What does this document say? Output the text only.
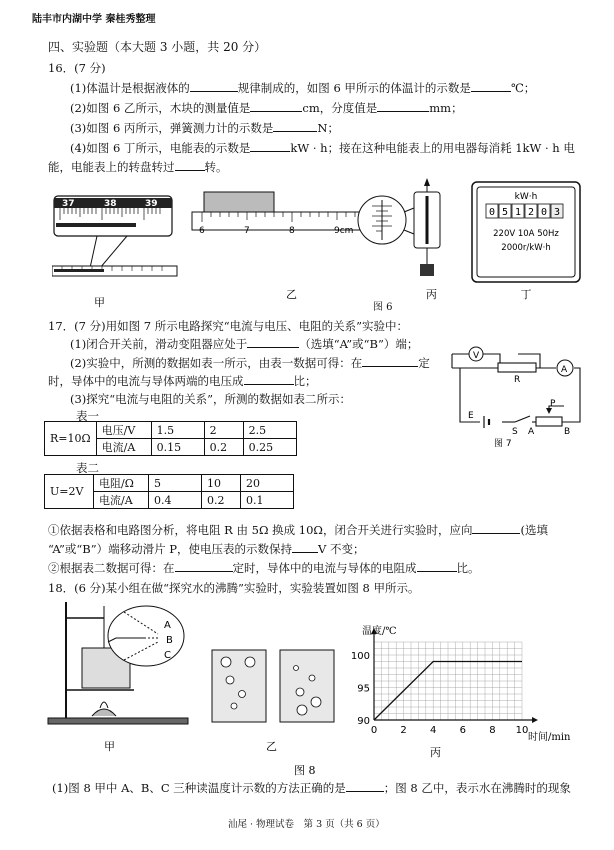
陆丰市内湖中学 秦桂秀整理
四、实验题（本大题 3 小题，共 20 分）
16．(7 分)
(1)体温计是根据液体的	规律制成的，如图 6 甲所示的体温计的示数是	℃；
(2)如图 6 乙所示，木块的测量值是	cm，分度值是	mm；
(3)如图 6 丙所示，弹簧测力计的示数是	N；
(4)如图 6 丁所示，电能表的示数是	kW · h；接在这种电能表上的用电器每消耗 1kW · h 电
能，电能表上的转盘转过	转。
37	38	39
甲
6	7	8	9cm
乙	丙
kW·h
0 5 1 2 0 3
220V 10A 50Hz
2000r/kW·h
丁
图 6
17．(7 分)用如图 7 所示电路探究“电流与电压、电阻的关系”实验中：
(1)闭合开关前，滑动变阻器应处于	（选填“A”或“B”）端；
(2)实验中，所测的数据如表一所示，由表一数据可得：在	定
时，导体中的电流与导体两端的电压成	比；
(3)探究“电流与电阻的关系”，所测的数据如表二所示：
表一
R=10Ω	电压/V	1.5	2	2.5
	电流/A	0.15	0.2	0.25
表二
U=2V	电阻/Ω	5	10	20
	电流/A	0.4	0.2	0.1
V
A
R
E
S
P
A	B
图 7
①依据表格和电路图分析，将电阻 R 由 5Ω 换成 10Ω，闭合开关进行实验时，应向	(选填
“A”或“B”）端移动滑片 P，使电压表的示数保持 V 不变；
②根据表二数据可得：在	定时，导体中的电流与导体的电阻成	比。
18．(6 分)某小组在做“探究水的沸腾”实验时，实验装置如图 8 甲所示。
A
B
C
甲	乙
0 2 4 6 8 10
90
95
100
温度/℃
时间/min
丙
图 8
(1)图 8 甲中 A、B、C 三种读温度计示数的方法正确的是	；图 8 乙中，表示水在沸腾时的现象
汕尾 · 物理试卷　第 3 页（共 6 页）
